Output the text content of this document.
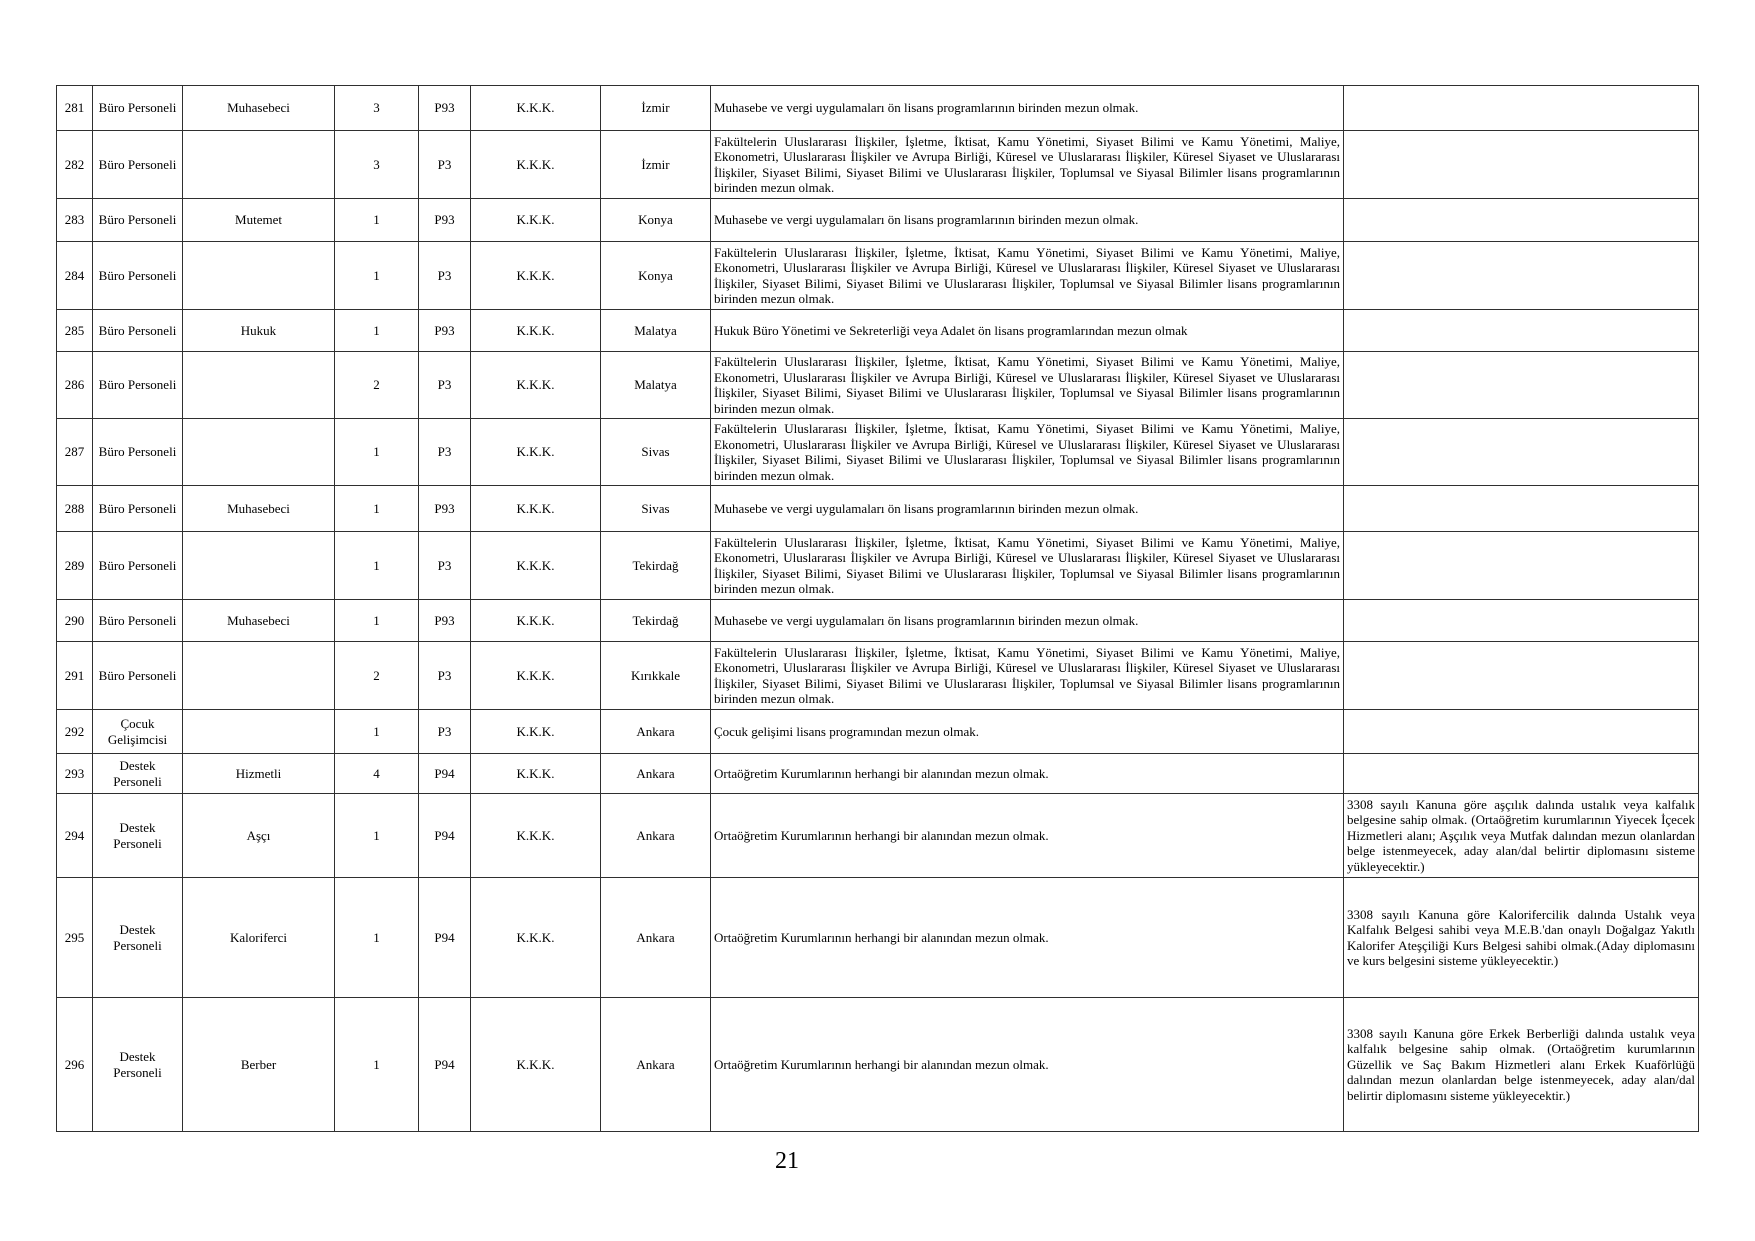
281	Büro Personeli	Muhasebeci	3	P93	K.K.K.	İzmir	Muhasebe ve vergi uygulamaları ön lisans programlarının birinden mezun olmak.	
282	Büro Personeli		3	P3	K.K.K.	İzmir	Fakültelerin Uluslararası İlişkiler, İşletme, İktisat, Kamu Yönetimi, Siyaset Bilimi ve Kamu Yönetimi, Maliye, Ekonometri, Uluslararası İlişkiler ve Avrupa Birliği, Küresel ve Uluslararası İlişkiler, Küresel Siyaset ve Uluslararası İlişkiler, Siyaset Bilimi, Siyaset Bilimi ve Uluslararası İlişkiler, Toplumsal ve Siyasal Bilimler lisans programlarının birinden mezun olmak.	
283	Büro Personeli	Mutemet	1	P93	K.K.K.	Konya	Muhasebe ve vergi uygulamaları ön lisans programlarının birinden mezun olmak.	
284	Büro Personeli		1	P3	K.K.K.	Konya	Fakültelerin Uluslararası İlişkiler, İşletme, İktisat, Kamu Yönetimi, Siyaset Bilimi ve Kamu Yönetimi, Maliye, Ekonometri, Uluslararası İlişkiler ve Avrupa Birliği, Küresel ve Uluslararası İlişkiler, Küresel Siyaset ve Uluslararası İlişkiler, Siyaset Bilimi, Siyaset Bilimi ve Uluslararası İlişkiler, Toplumsal ve Siyasal Bilimler lisans programlarının birinden mezun olmak.	
285	Büro Personeli	Hukuk	1	P93	K.K.K.	Malatya	Hukuk Büro Yönetimi ve Sekreterliği veya Adalet ön lisans programlarından mezun olmak	
286	Büro Personeli		2	P3	K.K.K.	Malatya	Fakültelerin Uluslararası İlişkiler, İşletme, İktisat, Kamu Yönetimi, Siyaset Bilimi ve Kamu Yönetimi, Maliye, Ekonometri, Uluslararası İlişkiler ve Avrupa Birliği, Küresel ve Uluslararası İlişkiler, Küresel Siyaset ve Uluslararası İlişkiler, Siyaset Bilimi, Siyaset Bilimi ve Uluslararası İlişkiler, Toplumsal ve Siyasal Bilimler lisans programlarının birinden mezun olmak.	
287	Büro Personeli		1	P3	K.K.K.	Sivas	Fakültelerin Uluslararası İlişkiler, İşletme, İktisat, Kamu Yönetimi, Siyaset Bilimi ve Kamu Yönetimi, Maliye, Ekonometri, Uluslararası İlişkiler ve Avrupa Birliği, Küresel ve Uluslararası İlişkiler, Küresel Siyaset ve Uluslararası İlişkiler, Siyaset Bilimi, Siyaset Bilimi ve Uluslararası İlişkiler, Toplumsal ve Siyasal Bilimler lisans programlarının birinden mezun olmak.	
288	Büro Personeli	Muhasebeci	1	P93	K.K.K.	Sivas	Muhasebe ve vergi uygulamaları ön lisans programlarının birinden mezun olmak.	
289	Büro Personeli		1	P3	K.K.K.	Tekirdağ	Fakültelerin Uluslararası İlişkiler, İşletme, İktisat, Kamu Yönetimi, Siyaset Bilimi ve Kamu Yönetimi, Maliye, Ekonometri, Uluslararası İlişkiler ve Avrupa Birliği, Küresel ve Uluslararası İlişkiler, Küresel Siyaset ve Uluslararası İlişkiler, Siyaset Bilimi, Siyaset Bilimi ve Uluslararası İlişkiler, Toplumsal ve Siyasal Bilimler lisans programlarının birinden mezun olmak.	
290	Büro Personeli	Muhasebeci	1	P93	K.K.K.	Tekirdağ	Muhasebe ve vergi uygulamaları ön lisans programlarının birinden mezun olmak.	
291	Büro Personeli		2	P3	K.K.K.	Kırıkkale	Fakültelerin Uluslararası İlişkiler, İşletme, İktisat, Kamu Yönetimi, Siyaset Bilimi ve Kamu Yönetimi, Maliye, Ekonometri, Uluslararası İlişkiler ve Avrupa Birliği, Küresel ve Uluslararası İlişkiler, Küresel Siyaset ve Uluslararası İlişkiler, Siyaset Bilimi, Siyaset Bilimi ve Uluslararası İlişkiler, Toplumsal ve Siyasal Bilimler lisans programlarının birinden mezun olmak.	
292	Çocuk Gelişimcisi		1	P3	K.K.K.	Ankara	Çocuk gelişimi lisans programından mezun olmak.	
293	Destek Personeli	Hizmetli	4	P94	K.K.K.	Ankara	Ortaöğretim Kurumlarının herhangi bir alanından mezun olmak.	
294	Destek Personeli	Aşçı	1	P94	K.K.K.	Ankara	Ortaöğretim Kurumlarının herhangi bir alanından mezun olmak.	3308 sayılı Kanuna göre aşçılık dalında ustalık veya kalfalık belgesine sahip olmak. (Ortaöğretim kurumlarının Yiyecek İçecek Hizmetleri alanı; Aşçılık veya Mutfak dalından mezun olanlardan belge istenmeyecek, aday alan/dal belirtir diplomasını sisteme yükleyecektir.)
295	Destek Personeli	Kaloriferci	1	P94	K.K.K.	Ankara	Ortaöğretim Kurumlarının herhangi bir alanından mezun olmak.	3308 sayılı Kanuna göre Kalorifercilik dalında Ustalık veya Kalfalık Belgesi sahibi veya M.E.B.'dan onaylı Doğalgaz Yakıtlı Kalorifer Ateşçiliği Kurs Belgesi sahibi olmak.(Aday diplomasını ve kurs belgesini sisteme yükleyecektir.)
296	Destek Personeli	Berber	1	P94	K.K.K.	Ankara	Ortaöğretim Kurumlarının herhangi bir alanından mezun olmak.	3308 sayılı Kanuna göre Erkek Berberliği dalında ustalık veya kalfalık belgesine sahip olmak. (Ortaöğretim kurumlarının Güzellik ve Saç Bakım Hizmetleri alanı Erkek Kuaförlüğü dalından mezun olanlardan belge istenmeyecek, aday alan/dal belirtir diplomasını sisteme yükleyecektir.)
21
